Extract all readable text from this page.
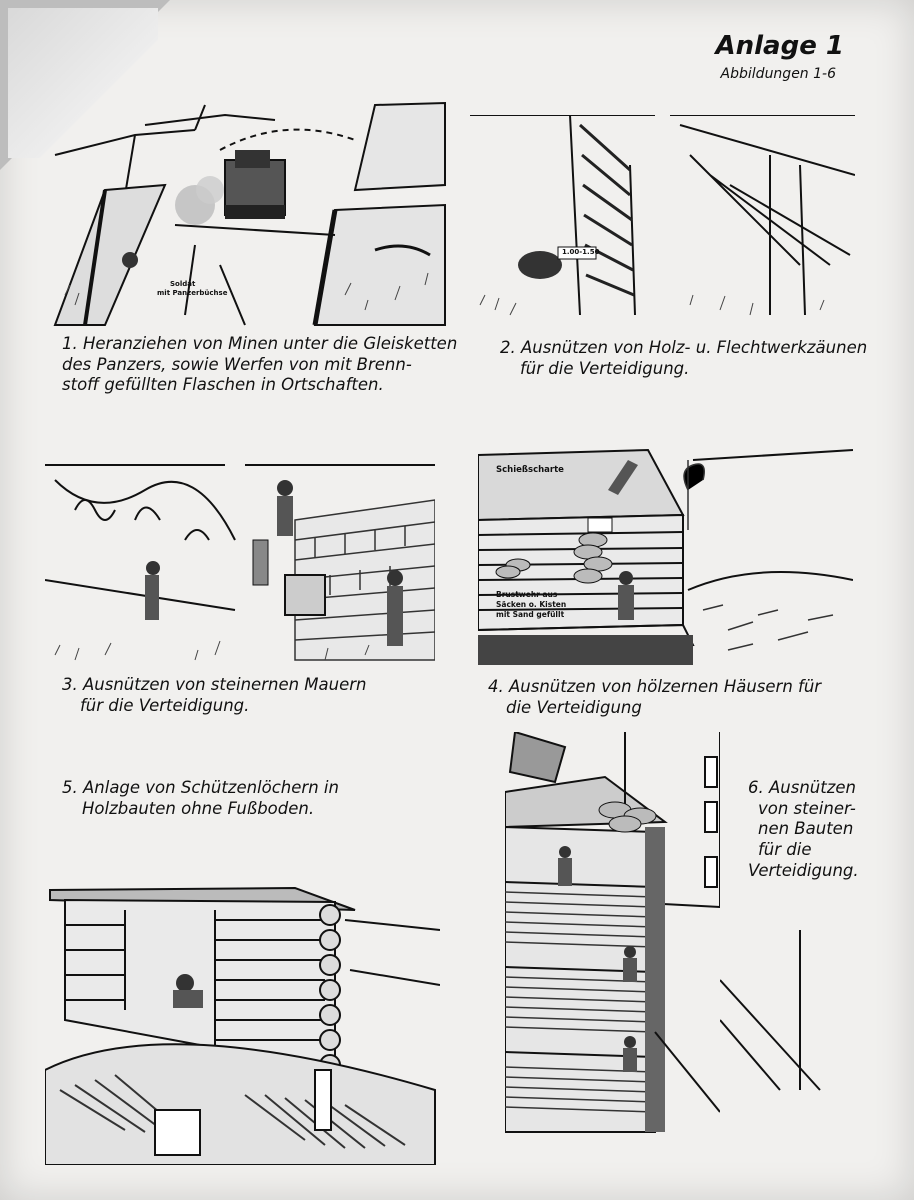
Anlage 1
Abbildungen 1-6
Soldat
mit Panzerbüchse
1. Heranziehen von Minen unter die Gleisketten
des Panzers, sowie Werfen von mit Brenn-
stoff gefüllten Flaschen in Ortschaften.
1.00-1.50
2. Ausnützen von Holz- u. Flechtwerkzäunen
für die Verteidigung.
3. Ausnützen von steinernen Mauern
für die Verteidigung.
Schießscharte
Brustwehr aus
Säcken o. Kisten
mit Sand gefüllt
4. Ausnützen von hölzernen Häusern für
die Verteidigung
5. Anlage von Schützenlöchern in
Holzbauten ohne Fußboden.
6. Ausnützen
von steiner-
nen Bauten
für die
Verteidigung.
